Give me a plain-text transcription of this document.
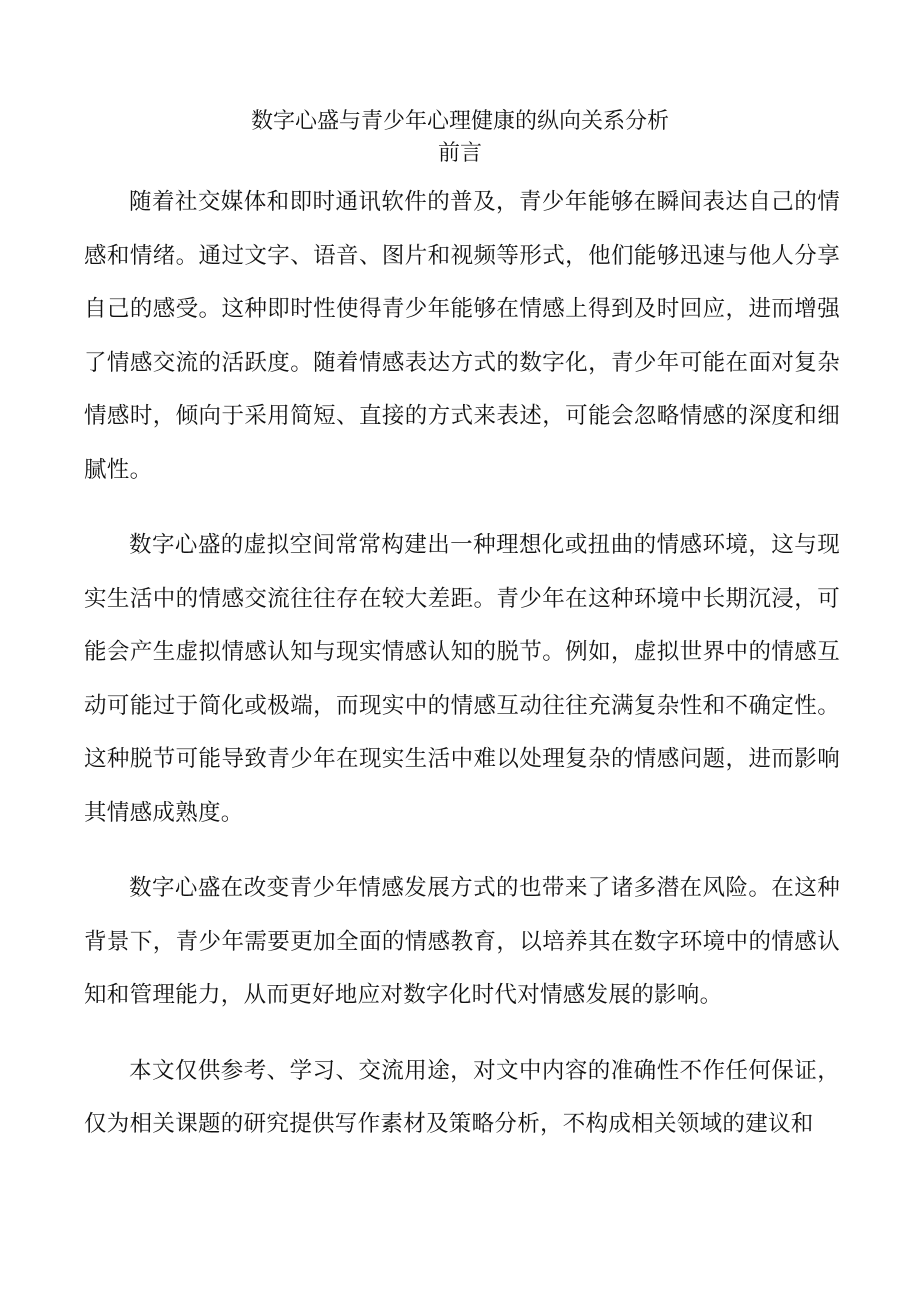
数字心盛与青少年心理健康的纵向关系分析
前言

随着社交媒体和即时通讯软件的普及，青少年能够在瞬间表达自己的情感和情绪。通过文字、语音、图片和视频等形式，他们能够迅速与他人分享自己的感受。这种即时性使得青少年能够在情感上得到及时回应，进而增强了情感交流的活跃度。随着情感表达方式的数字化，青少年可能在面对复杂情感时，倾向于采用简短、直接的方式来表述，可能会忽略情感的深度和细腻性。

数字心盛的虚拟空间常常构建出一种理想化或扭曲的情感环境，这与现实生活中的情感交流往往存在较大差距。青少年在这种环境中长期沉浸，可能会产生虚拟情感认知与现实情感认知的脱节。例如，虚拟世界中的情感互动可能过于简化或极端，而现实中的情感互动往往充满复杂性和不确定性。这种脱节可能导致青少年在现实生活中难以处理复杂的情感问题，进而影响其情感成熟度。

数字心盛在改变青少年情感发展方式的也带来了诸多潜在风险。在这种背景下，青少年需要更加全面的情感教育，以培养其在数字环境中的情感认知和管理能力，从而更好地应对数字化时代对情感发展的影响。

本文仅供参考、学习、交流用途，对文中内容的准确性不作任何保证，仅为相关课题的研究提供写作素材及策略分析，不构成相关领域的建议和
